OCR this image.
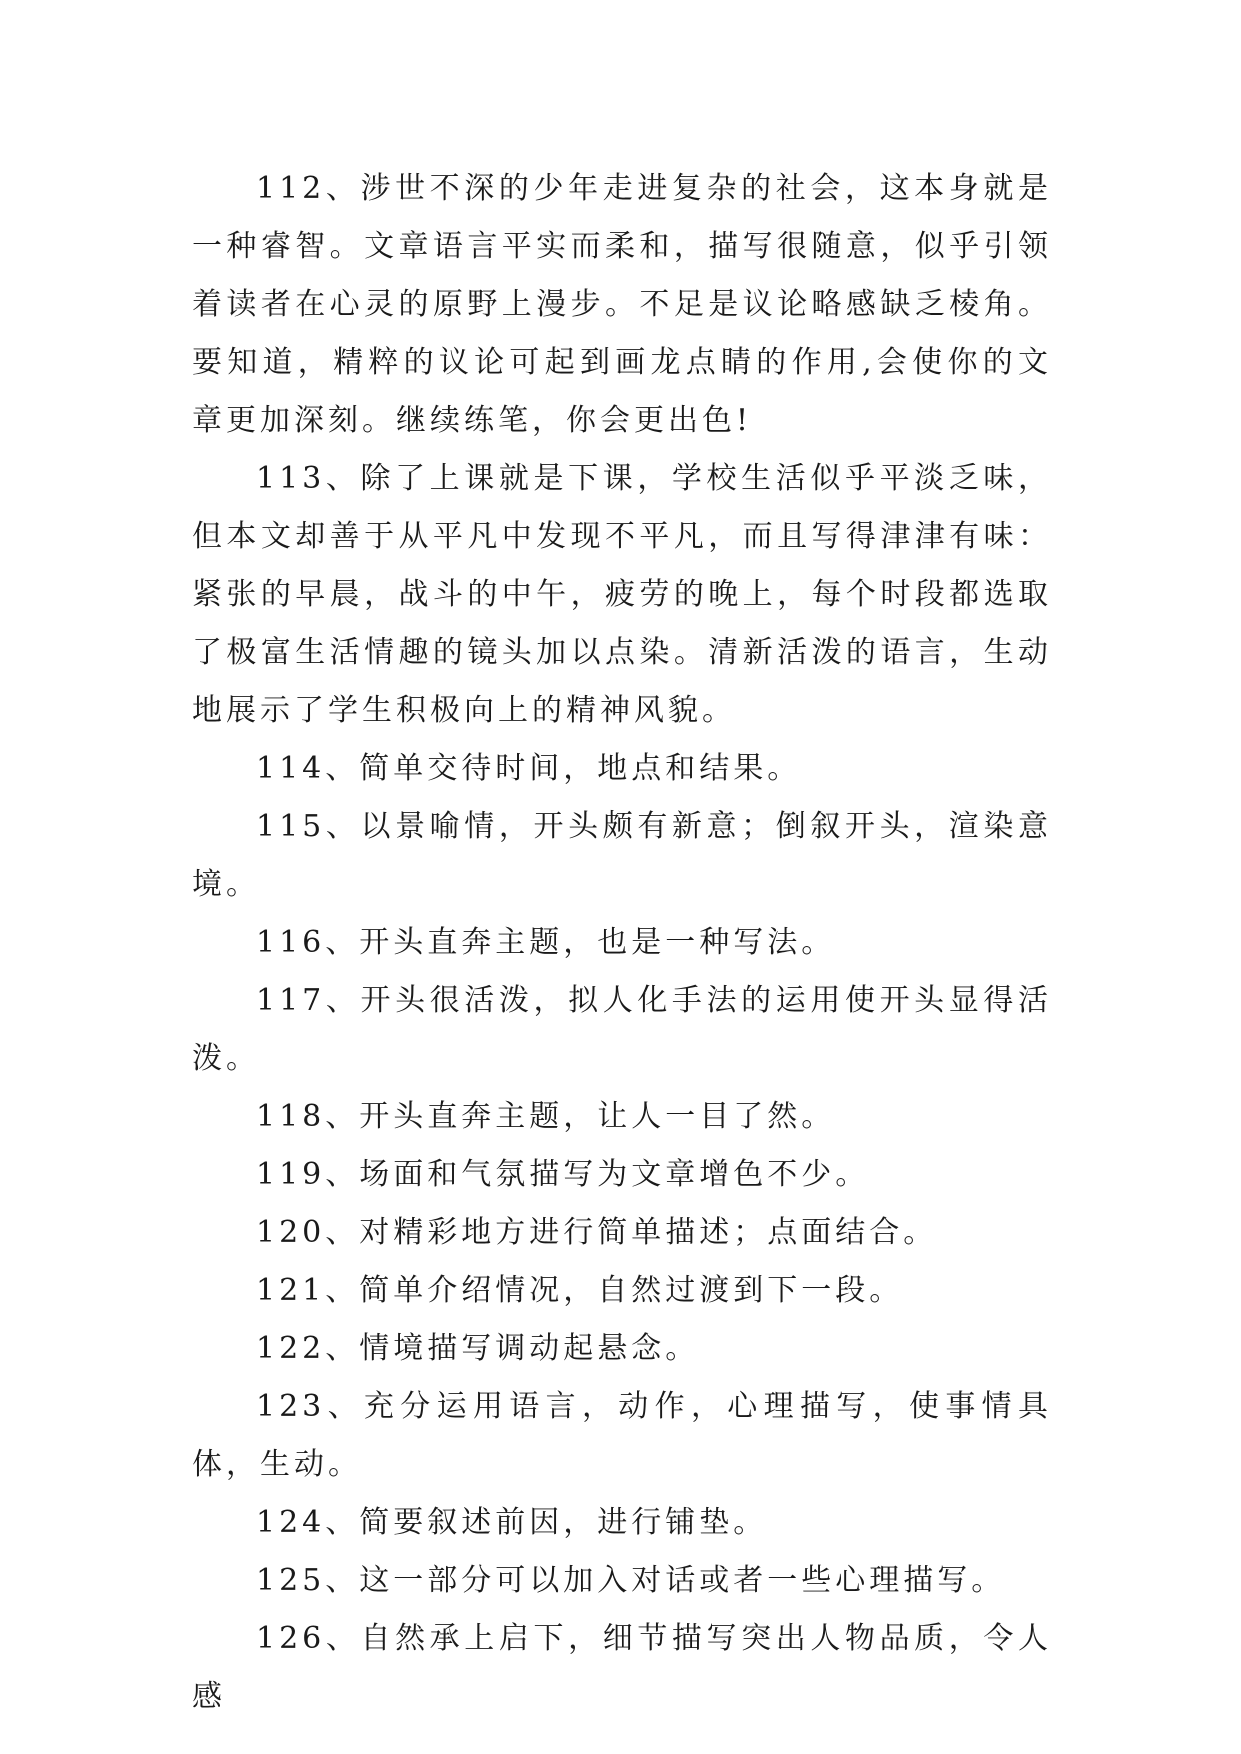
112、涉世不深的少年走进复杂的社会，这本身就是一种睿智。文章语言平实而柔和，描写很随意，似乎引领着读者在心灵的原野上漫步。不足是议论略感缺乏棱角。要知道，精粹的议论可起到画龙点睛的作用,会使你的文章更加深刻。继续练笔，你会更出色!

113、除了上课就是下课，学校生活似乎平淡乏味，但本文却善于从平凡中发现不平凡，而且写得津津有味：紧张的早晨，战斗的中午，疲劳的晚上，每个时段都选取了极富生活情趣的镜头加以点染。清新活泼的语言，生动地展示了学生积极向上的精神风貌。

114、简单交待时间，地点和结果。

115、以景喻情，开头颇有新意；倒叙开头，渲染意境。

116、开头直奔主题，也是一种写法。

117、开头很活泼，拟人化手法的运用使开头显得活泼。

118、开头直奔主题，让人一目了然。

119、场面和气氛描写为文章增色不少。

120、对精彩地方进行简单描述；点面结合。

121、简单介绍情况，自然过渡到下一段。

122、情境描写调动起悬念。

123、充分运用语言，动作，心理描写，使事情具体，生动。

124、简要叙述前因，进行铺垫。

125、这一部分可以加入对话或者一些心理描写。

126、自然承上启下，细节描写突出人物品质，令人感
